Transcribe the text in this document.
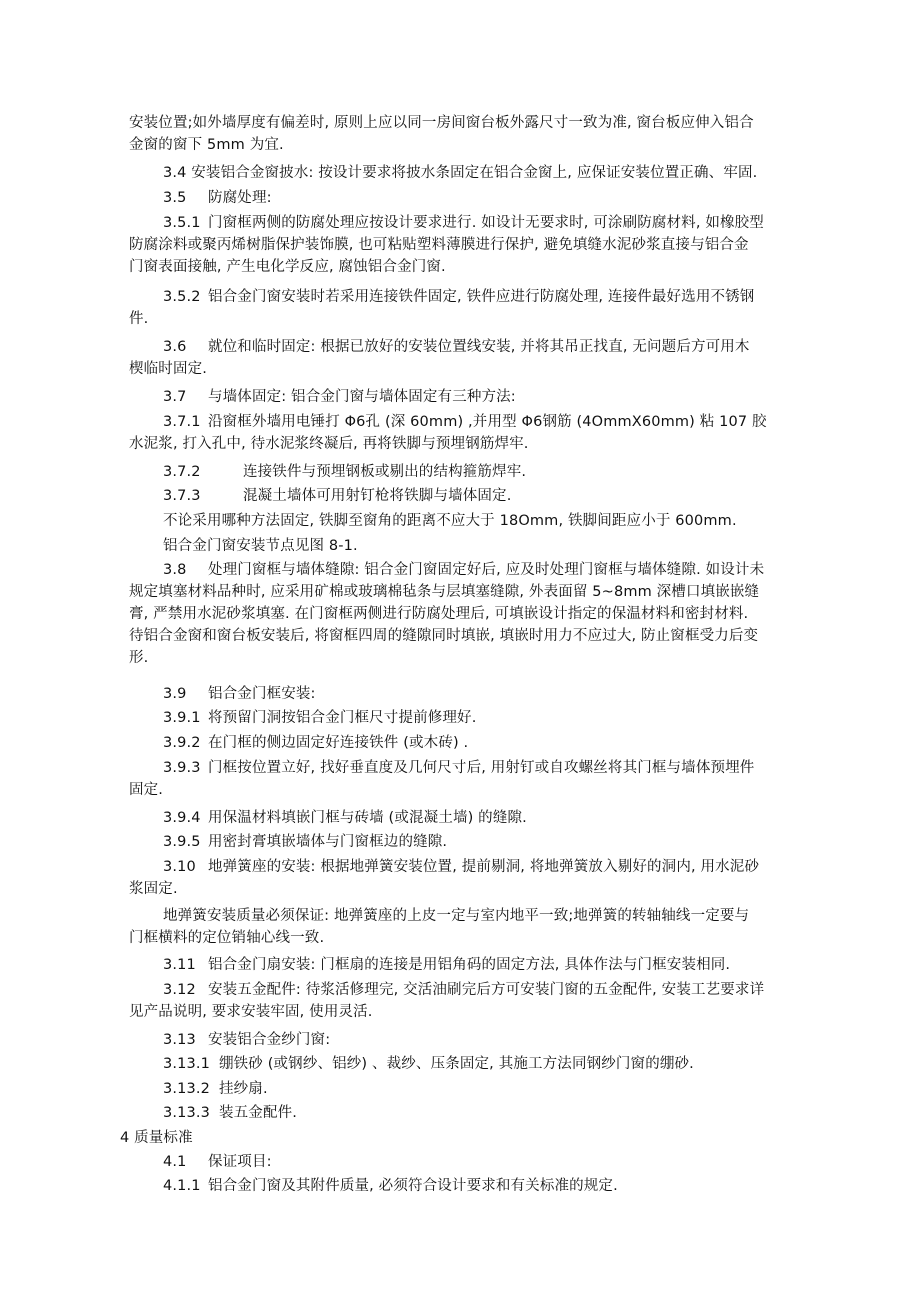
安装位置;如外墙厚度有偏差时, 原则上应以同一房间窗台板外露尺寸一致为准, 窗台板应伸入铝合
金窗的窗下 5mm 为宜.
3.4 安装铝合金窗披水: 按设计要求将披水条固定在铝合金窗上, 应保证安装位置正确、牢固.
3.5 防腐处理:
3.5.1 门窗框两侧的防腐处理应按设计要求进行. 如设计无要求时, 可涂刷防腐材料, 如橡胶型
防腐涂料或聚丙烯树脂保护装饰膜, 也可粘贴塑料薄膜进行保护, 避免填缝水泥砂浆直接与铝合金
门窗表面接触, 产生电化学反应, 腐蚀铝合金门窗.
3.5.2 铝合金门窗安装时若采用连接铁件固定, 铁件应进行防腐处理, 连接件最好选用不锈钢
件.
3.6 就位和临时固定: 根据已放好的安装位置线安装, 并将其吊正找直, 无问题后方可用木
楔临时固定.
3.7 与墙体固定: 铝合金门窗与墙体固定有三种方法:
3.7.1 沿窗框外墙用电锤打 Φ6孔 (深 60mm) ,并用型 Φ6钢筋 (4OmmX60mm) 粘 107 胶
水泥浆, 打入孔中, 待水泥浆终凝后, 再将铁脚与预埋钢筋焊牢.
3.7.2	连接铁件与预埋钢板或剔出的结构箍筋焊牢.
3.7.3	混凝土墙体可用射钉枪将铁脚与墙体固定.
不论采用哪种方法固定, 铁脚至窗角的距离不应大于 18Omm, 铁脚间距应小于 600mm.
铝合金门窗安装节点见图 8-1.
3.8 处理门窗框与墙体缝隙: 铝合金门窗固定好后, 应及时处理门窗框与墙体缝隙. 如设计未
规定填塞材料品种时, 应采用矿棉或玻璃棉毡条与层填塞缝隙, 外表面留 5~8mm 深槽口填嵌嵌缝
膏, 严禁用水泥砂浆填塞. 在门窗框两侧进行防腐处理后, 可填嵌设计指定的保温材料和密封材料.
待铝合金窗和窗台板安装后, 将窗框四周的缝隙同时填嵌, 填嵌时用力不应过大, 防止窗框受力后变
形.
3.9 铝合金门框安装:
3.9.1 将预留门洞按铝合金门框尺寸提前修理好.
3.9.2 在门框的侧边固定好连接铁件 (或木砖) .
3.9.3 门框按位置立好, 找好垂直度及几何尺寸后, 用射钉或自攻螺丝将其门框与墙体预埋件
固定.
3.9.4 用保温材料填嵌门框与砖墙 (或混凝土墙) 的缝隙.
3.9.5 用密封膏填嵌墙体与门窗框边的缝隙.
3.10 地弹簧座的安装: 根据地弹簧安装位置, 提前剔洞, 将地弹簧放入剔好的洞内, 用水泥砂
浆固定.
地弹簧安装质量必须保证: 地弹簧座的上皮一定与室内地平一致;地弹簧的转轴轴线一定要与
门框横料的定位销轴心线一致.
3.11 铝合金门扇安装: 门框扇的连接是用铝角码的固定方法, 具体作法与门框安装相同.
3.12 安装五金配件: 待浆活修理完, 交活油刷完后方可安装门窗的五金配件, 安装工艺要求详
见产品说明, 要求安装牢固, 使用灵活.
3.13 安装铝合金纱门窗:
3.13.1 绷铁砂 (或钢纱、铝纱) 、裁纱、压条固定, 其施工方法同钢纱门窗的绷砂.
3.13.2 挂纱扇.
3.13.3 装五金配件.
4 质量标准
4.1 保证项目:
4.1.1 铝合金门窗及其附件质量, 必须符合设计要求和有关标准的规定.
